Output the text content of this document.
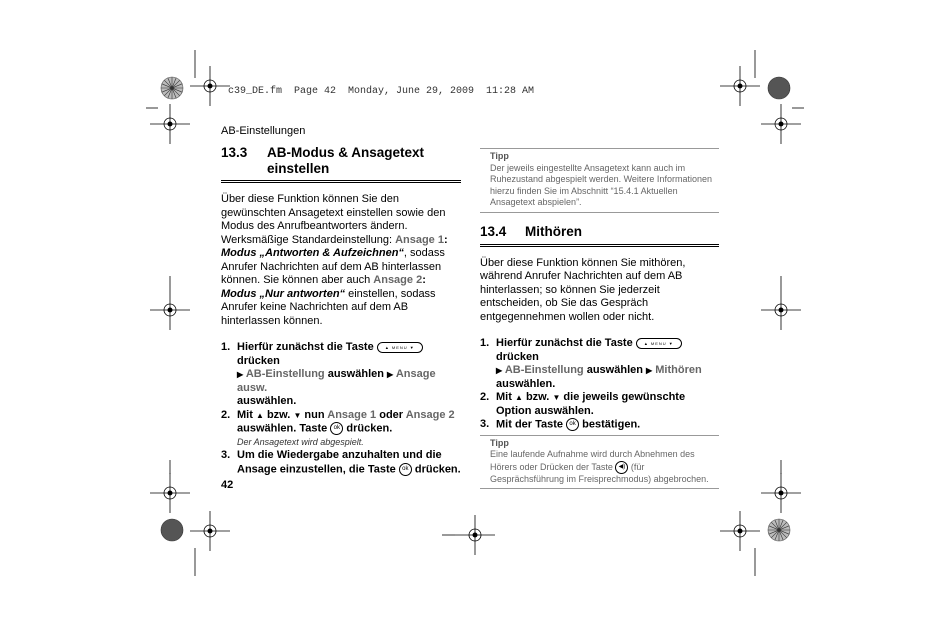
c39_DE.fm  Page 42  Monday, June 29, 2009  11:28 AM
AB-Einstellungen
13.3 AB-Modus & Ansagetext
einstellen

Über diese Funktion können Sie den gewünschten Ansagetext einstellen sowie den Modus des Anrufbeantworters ändern.

Werksmäßige Standardeinstellung: Ansage 1: Modus „Antworten & Aufzeichnen“, sodass Anrufer Nachrichten auf dem AB hinterlassen können. Sie können aber auch Ansage 2: Modus „Nur antworten“ einstellen, sodass Anrufer keine Nachrichten auf dem AB hinterlassen können.

1. Hierfür zunächst die Taste	▲ MENU ▼ drücken
▶ AB-Einstellung auswählen ▶ Ansage ausw.
auswählen.
2. Mit ▲ bzw. ▼ nun Ansage 1 oder Ansage 2
auswählen. Taste ok drücken.
Der Ansagetext wird abgespielt.
3. Um die Wiedergabe anzuhalten und die Ansage einzustellen, die Taste ok drücken.
Tipp
Der jeweils eingestellte Ansagetext kann auch im Ruhezustand abgespielt werden. Weitere Informationen hierzu finden Sie im Abschnitt “15.4.1 Aktuellen Ansagetext abspielen”.
13.4 Mithören

Über diese Funktion können Sie mithören, während Anrufer Nachrichten auf dem AB hinterlassen; so können Sie jederzeit entscheiden, ob Sie das Gespräch entgegennehmen wollen oder nicht.

1. Hierfür zunächst die Taste	▲ MENU ▼ drücken
▶ AB-Einstellung auswählen ▶ Mithören
auswählen.
2. Mit ▲ bzw. ▼ die jeweils gewünschte Option auswählen.
3. Mit der Taste ok bestätigen.
Tipp
Eine laufende Aufnahme wird durch Abnehmen des Hörers oder Drücken der Taste ◀) (für Gesprächsführung im Freisprechmodus) abgebrochen.
42
